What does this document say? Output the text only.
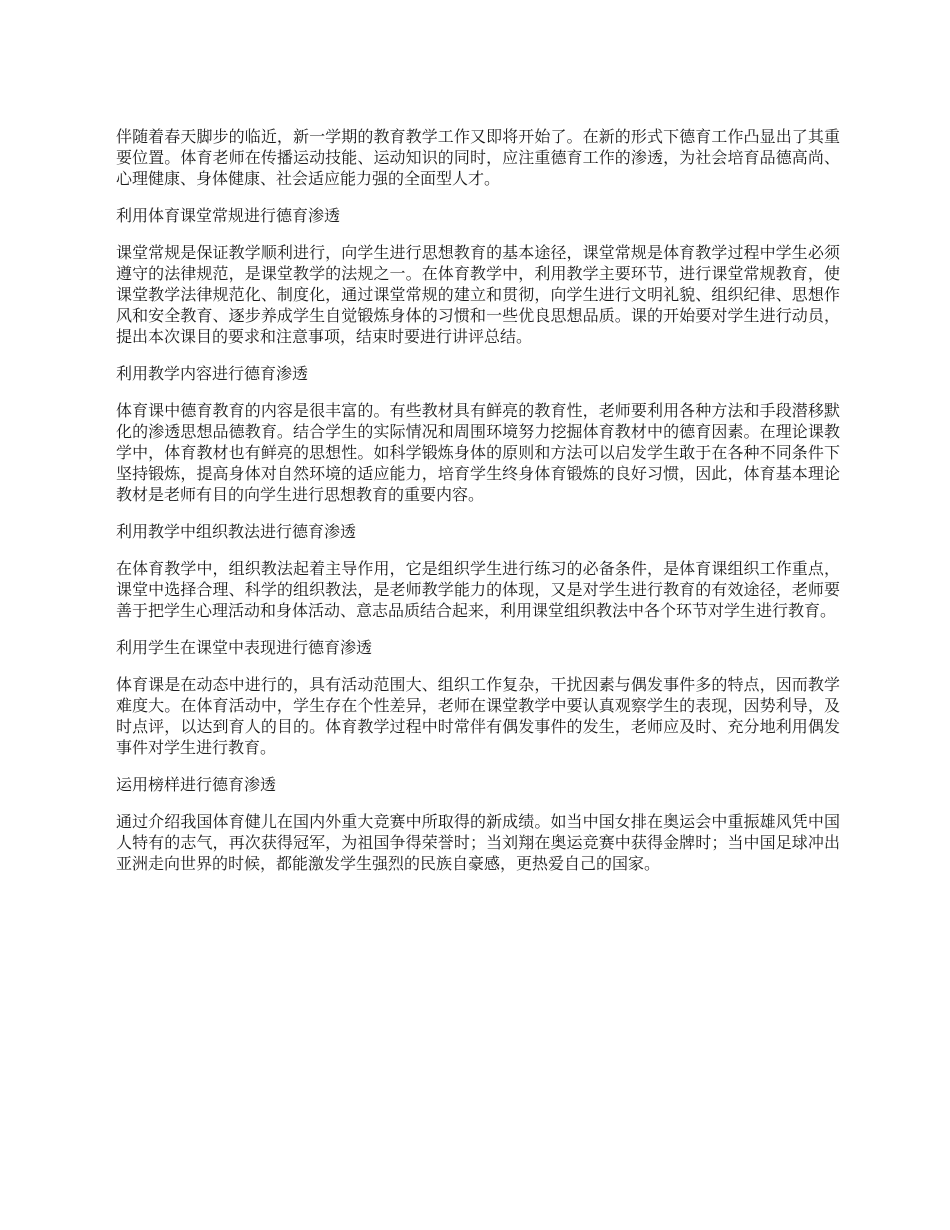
伴随着春天脚步的临近，新一学期的教育教学工作又即将开始了。在新的形式下德育工作凸显出了其重要位置。体育老师在传播运动技能、运动知识的同时，应注重德育工作的渗透，为社会培育品德高尚、心理健康、身体健康、社会适应能力强的全面型人才。

利用体育课堂常规进行德育渗透

课堂常规是保证教学顺利进行，向学生进行思想教育的基本途径，课堂常规是体育教学过程中学生必须遵守的法律规范，是课堂教学的法规之一。在体育教学中，利用教学主要环节，进行课堂常规教育，使课堂教学法律规范化、制度化，通过课堂常规的建立和贯彻，向学生进行文明礼貌、组织纪律、思想作风和安全教育、逐步养成学生自觉锻炼身体的习惯和一些优良思想品质。课的开始要对学生进行动员，提出本次课目的要求和注意事项，结束时要进行讲评总结。

利用教学内容进行德育渗透

体育课中德育教育的内容是很丰富的。有些教材具有鲜亮的教育性，老师要利用各种方法和手段潜移默化的渗透思想品德教育。结合学生的实际情况和周围环境努力挖掘体育教材中的德育因素。在理论课教学中，体育教材也有鲜亮的思想性。如科学锻炼身体的原则和方法可以启发学生敢于在各种不同条件下坚持锻炼，提高身体对自然环境的适应能力，培育学生终身体育锻炼的良好习惯，因此，体育基本理论教材是老师有目的向学生进行思想教育的重要内容。

利用教学中组织教法进行德育渗透

在体育教学中，组织教法起着主导作用，它是组织学生进行练习的必备条件，是体育课组织工作重点，课堂中选择合理、科学的组织教法，是老师教学能力的体现，又是对学生进行教育的有效途径，老师要善于把学生心理活动和身体活动、意志品质结合起来，利用课堂组织教法中各个环节对学生进行教育。

利用学生在课堂中表现进行德育渗透

体育课是在动态中进行的，具有活动范围大、组织工作复杂，干扰因素与偶发事件多的特点，因而教学难度大。在体育活动中，学生存在个性差异，老师在课堂教学中要认真观察学生的表现，因势利导，及时点评，以达到育人的目的。体育教学过程中时常伴有偶发事件的发生，老师应及时、充分地利用偶发事件对学生进行教育。

运用榜样进行德育渗透

通过介绍我国体育健儿在国内外重大竞赛中所取得的新成绩。如当中国女排在奥运会中重振雄风凭中国人特有的志气，再次获得冠军，为祖国争得荣誉时；当刘翔在奥运竞赛中获得金牌时；当中国足球冲出亚洲走向世界的时候，都能激发学生强烈的民族自豪感，更热爱自己的国家。
